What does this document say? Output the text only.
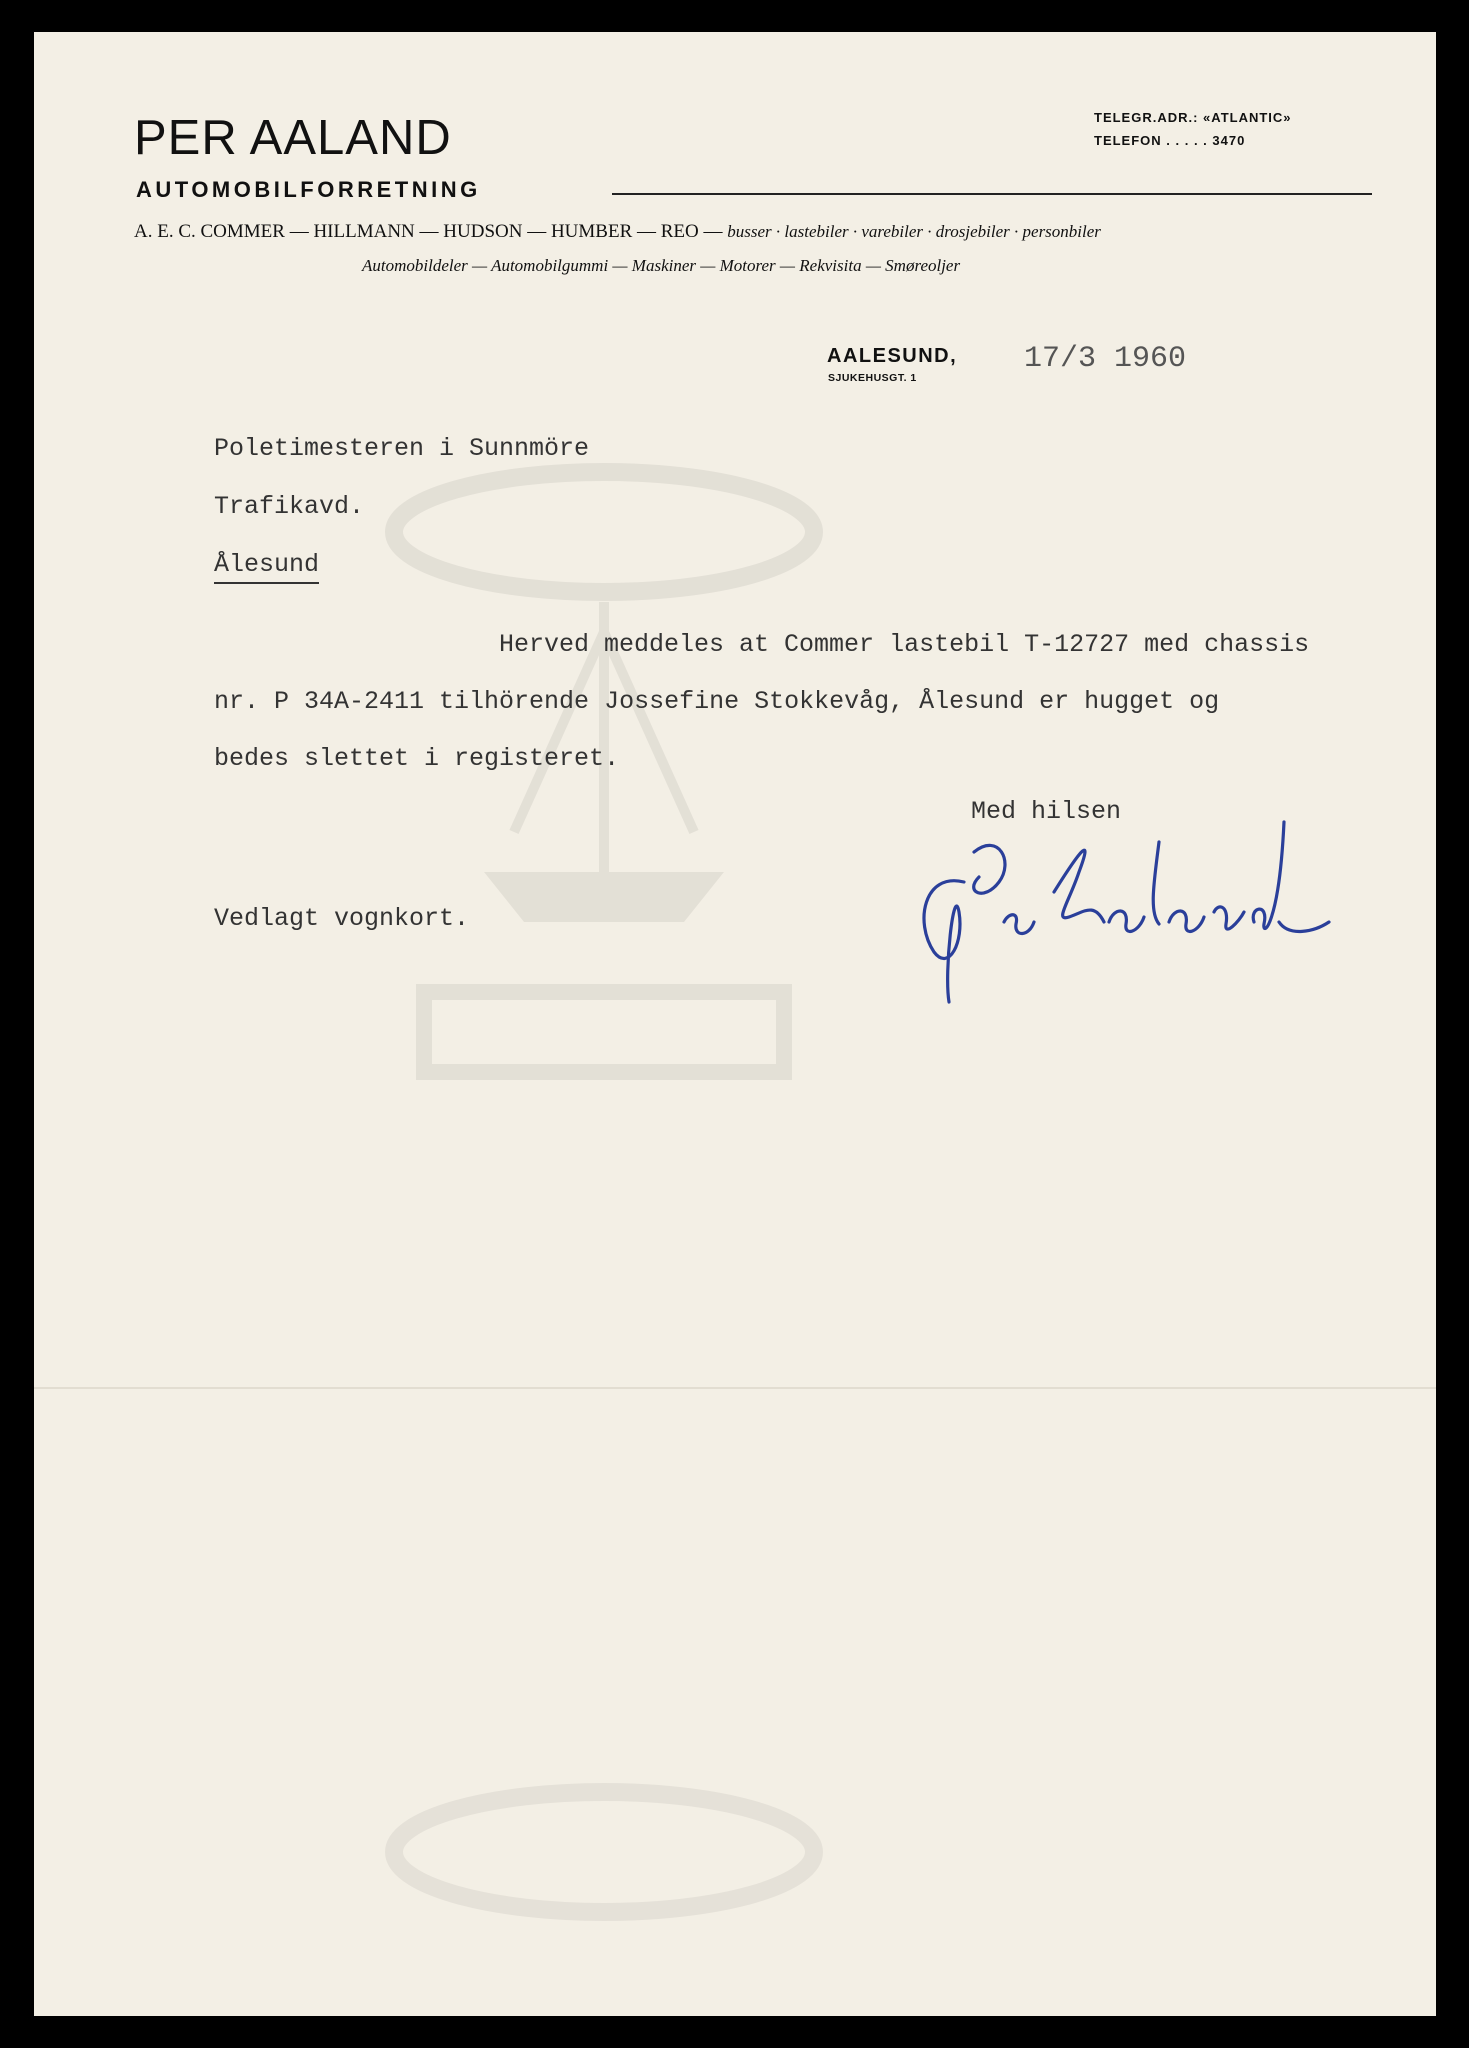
PER AALAND
AUTOMOBILFORRETNING
TELEGR.ADR.: «ATLANTIC»
TELEFON . . . . . 3470
A. E. C. COMMER — HILLMANN — HUDSON — HUMBER — REO — busser · lastebiler · varebiler · drosjebiler · personbiler
Automobildeler — Automobilgummi — Maskiner — Motorer — Rekvisita — Smøreoljer
AALESUND,
SJUKEHUSGT. 1
17/3 1960
Poletimesteren i Sunnmöre
Trafikavd.
Ålesund
Herved meddeles at Commer lastebil T-12727 med chassis
nr. P 34A-2411 tilhörende Jossefine Stokkevåg, Ålesund er hugget og
bedes slettet i registeret.
Med hilsen
Vedlagt vognkort.
